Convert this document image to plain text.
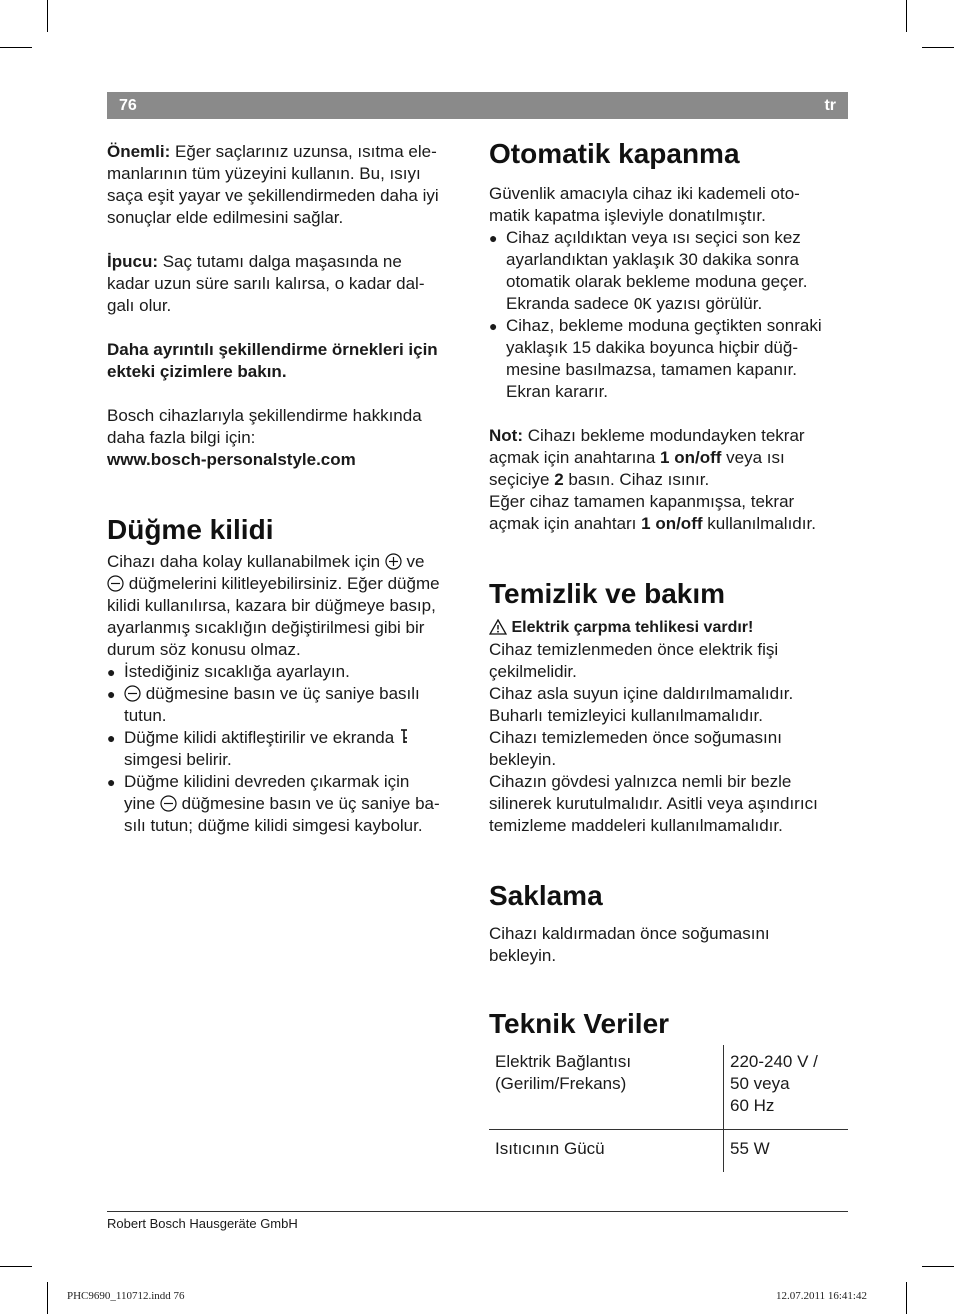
76	tr

Önemli: Eğer saçlarınız uzunsa, ısıtma ele-

manlarının tüm yüzeyini kullanın. Bu, ısıyı

saça eşit yayar ve şekillendirmeden daha iyi

sonuçlar elde edilmesini sağlar.

İpucu: Saç tutamı dalga maşasında ne

kadar uzun süre sarılı kalırsa, o kadar dal-

galı olur.

Daha ayrıntılı şekillendirme örnekleri için

ekteki çizimlere bakın.

Bosch cihazlarıyla şekillendirme hakkında

daha fazla bilgi için:

www.bosch-personalstyle.com

Düğme kilidi

Cihazı daha kolay kullanabilmek için  ve

düğmelerini kilitleyebilirsiniz. Eğer düğme

kilidi kullanılırsa, kazara bir düğmeye basıp,

ayarlanmış sıcaklığın değiştirilmesi gibi bir

durum söz konusu olmaz.

● İstediğiniz sıcaklığa ayarlayın.
● düğmesine basın ve üç saniye basılı
tutun.
● Düğme kilidi aktifleştirilir ve ekranda
simgesi belirir.
● Düğme kilidini devreden çıkarmak için
yine  düğmesine basın ve üç saniye ba-
sılı tutun; düğme kilidi simgesi kaybolur.
Otomatik kapanma

Güvenlik amacıyla cihaz iki kademeli oto-

matik kapatma işleviyle donatılmıştır.

● Cihaz açıldıktan veya ısı seçici son kez
ayarlandıktan yaklaşık 30 dakika sonra
otomatik olarak bekleme moduna geçer.
Ekranda sadece OK yazısı görülür.
● Cihaz, bekleme moduna geçtikten sonraki
yaklaşık 15 dakika boyunca hiçbir düğ-
mesine basılmazsa, tamamen kapanır.
Ekran kararır.

Not: Cihazı bekleme modundayken tekrar

açmak için anahtarına 1 on/off veya ısı

seçiciye 2 basın. Cihaz ısınır.

Eğer cihaz tamamen kapanmışsa, tekrar

açmak için anahtarı 1 on/off kullanılmalıdır.

Temizlik ve bakım

Elektrik çarpma tehlikesi vardır!

Cihaz temizlenmeden önce elektrik fişi

çekilmelidir.

Cihaz asla suyun içine daldırılmamalıdır.

Buharlı temizleyici kullanılmamalıdır.

Cihazı temizlemeden önce soğumasını

bekleyin.

Cihazın gövdesi yalnızca nemli bir bezle

silinerek kurutulmalıdır. Asitli veya aşındırıcı

temizleme maddeleri kullanılmamalıdır.

Saklama

Cihazı kaldırmadan önce soğumasını

bekleyin.

Teknik Veriler
Elektrik Bağlantısı
(Gerilim/Frekans)	220-240 V /
50 veya
60 Hz
Isıtıcının Gücü	55 W
Robert Bosch Hausgeräte GmbH
PHC9690_110712.indd 76	12.07.2011 16:41:42
